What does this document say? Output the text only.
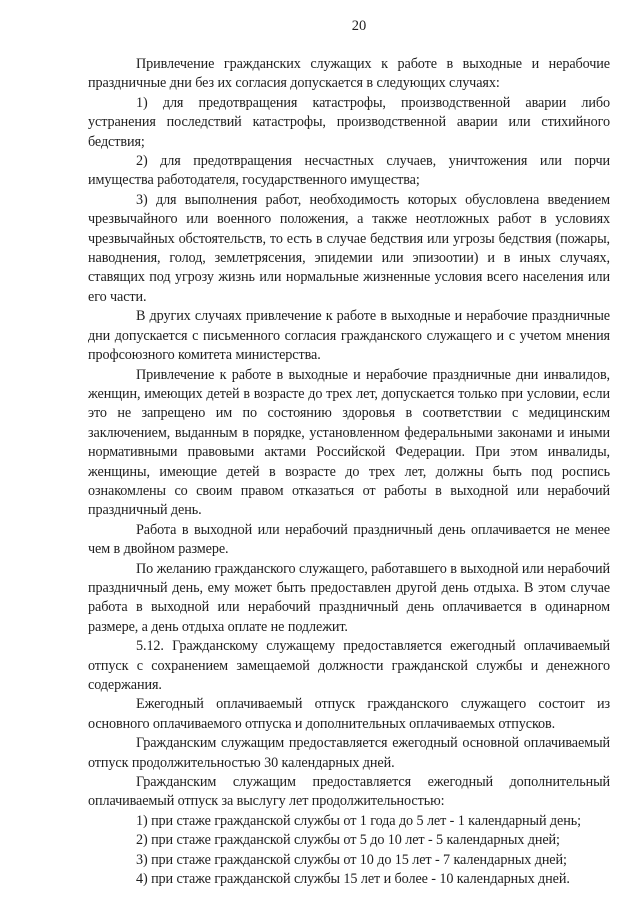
20

Привлечение гражданских служащих к работе в выходные и нерабочие праздничные дни без их согласия допускается в следующих случаях:

1) для предотвращения катастрофы, производственной аварии либо устранения последствий катастрофы, производственной аварии или стихийного бедствия;

2) для предотвращения несчастных случаев, уничтожения или порчи имущества работодателя, государственного имущества;

3) для выполнения работ, необходимость которых обусловлена введением чрезвычайного или военного положения, а также неотложных работ в условиях чрезвычайных обстоятельств, то есть в случае бедствия или угрозы бедствия (пожары, наводнения, голод, землетрясения, эпидемии или эпизоотии) и в иных случаях, ставящих под угрозу жизнь или нормальные жизненные условия всего населения или его части.

В других случаях привлечение к работе в выходные и нерабочие праздничные дни допускается с письменного согласия гражданского служащего и с учетом мнения профсоюзного комитета министерства.

Привлечение к работе в выходные и нерабочие праздничные дни инвалидов, женщин, имеющих детей в возрасте до трех лет, допускается только при условии, если это не запрещено им по состоянию здоровья в соответствии с медицинским заключением, выданным в порядке, установленном федеральными законами и иными нормативными правовыми актами Российской Федерации. При этом инвалиды, женщины, имеющие детей в возрасте до трех лет, должны быть под роспись ознакомлены со своим правом отказаться от работы в выходной или нерабочий праздничный день.

Работа в выходной или нерабочий праздничный день оплачивается не менее чем в двойном размере.

По желанию гражданского служащего, работавшего в выходной или нерабочий праздничный день, ему может быть предоставлен другой день отдыха. В этом случае работа в выходной или нерабочий праздничный день оплачивается в одинарном размере, а день отдыха оплате не подлежит.

5.12. Гражданскому служащему предоставляется ежегодный оплачиваемый отпуск с сохранением замещаемой должности гражданской службы и денежного содержания.

Ежегодный оплачиваемый отпуск гражданского служащего состоит из основного оплачиваемого отпуска и дополнительных оплачиваемых отпусков.

Гражданским служащим предоставляется ежегодный основной оплачиваемый отпуск продолжительностью 30 календарных дней.

Гражданским служащим предоставляется ежегодный дополнительный оплачиваемый отпуск за выслугу лет продолжительностью:

1) при стаже гражданской службы от 1 года до 5 лет - 1 календарный день;

2) при стаже гражданской службы от 5 до 10 лет - 5 календарных дней;

3) при стаже гражданской службы от 10 до 15 лет - 7 календарных дней;

4) при стаже гражданской службы 15 лет и более - 10 календарных дней.
